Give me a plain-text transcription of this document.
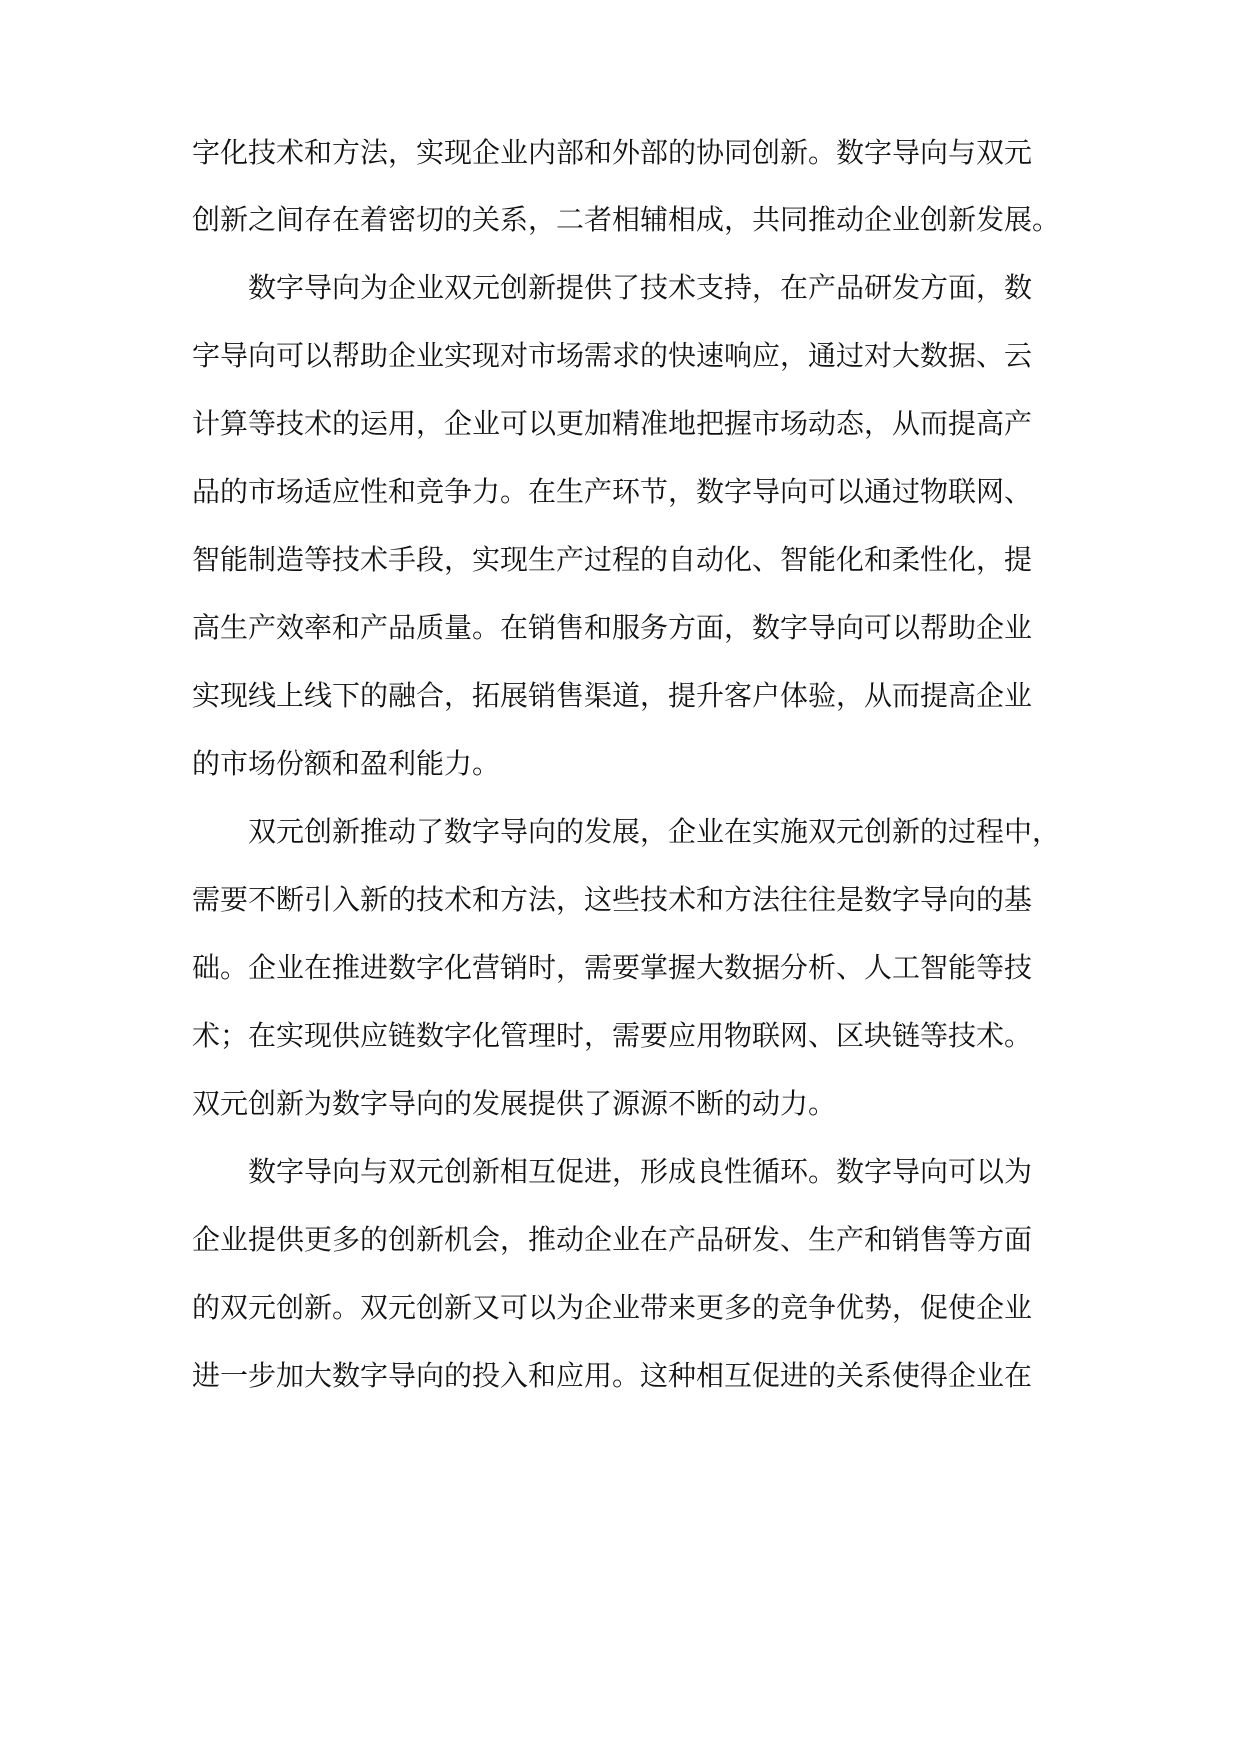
字化技术和方法，实现企业内部和外部的协同创新。数字导向与双元
创新之间存在着密切的关系，二者相辅相成，共同推动企业创新发展。
数字导向为企业双元创新提供了技术支持，在产品研发方面，数
字导向可以帮助企业实现对市场需求的快速响应，通过对大数据、云
计算等技术的运用，企业可以更加精准地把握市场动态，从而提高产
品的市场适应性和竞争力。在生产环节，数字导向可以通过物联网、
智能制造等技术手段，实现生产过程的自动化、智能化和柔性化，提
高生产效率和产品质量。在销售和服务方面，数字导向可以帮助企业
实现线上线下的融合，拓展销售渠道，提升客户体验，从而提高企业
的市场份额和盈利能力。
双元创新推动了数字导向的发展，企业在实施双元创新的过程中，
需要不断引入新的技术和方法，这些技术和方法往往是数字导向的基
础。企业在推进数字化营销时，需要掌握大数据分析、人工智能等技
术；在实现供应链数字化管理时，需要应用物联网、区块链等技术。
双元创新为数字导向的发展提供了源源不断的动力。
数字导向与双元创新相互促进，形成良性循环。数字导向可以为
企业提供更多的创新机会，推动企业在产品研发、生产和销售等方面
的双元创新。双元创新又可以为企业带来更多的竞争优势，促使企业
进一步加大数字导向的投入和应用。这种相互促进的关系使得企业在
